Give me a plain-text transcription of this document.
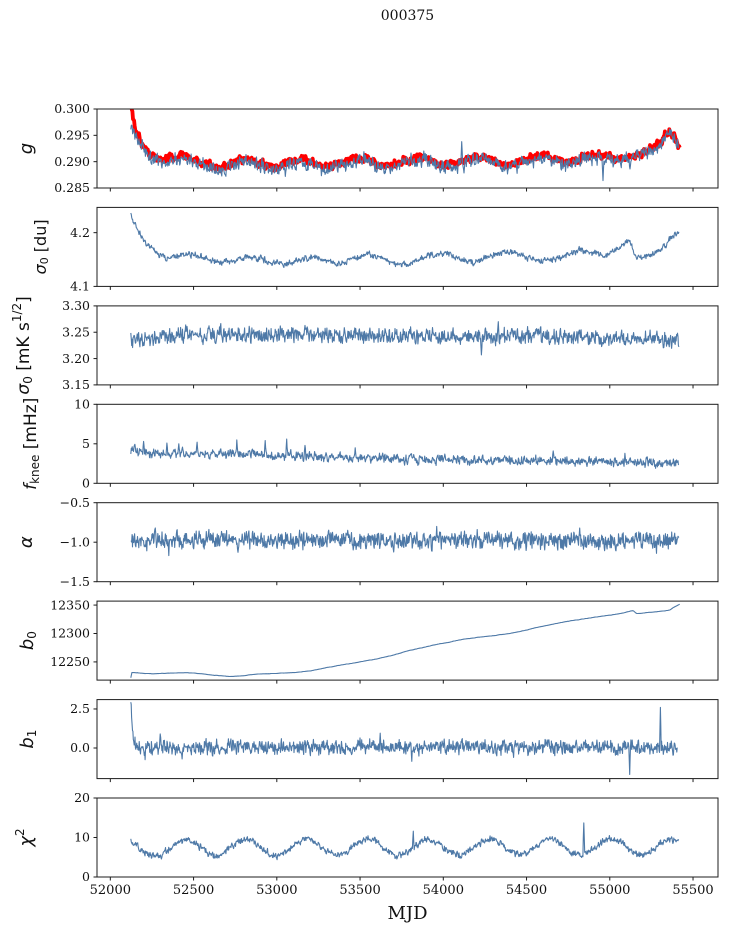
000375
0.285
0.290
0.295
0.300
g
4.1
4.2
$\sigma_0$ [du]
3.15
3.20
3.25
3.30
$\sigma_0$ [mK $s^{1/2}$]
0
5
10
$f_{knee}$ [mHz]
−0.5
−1.0
−1.5
α
12250
12300
12350
$b_0$
0.0
2.5
$b_1$
0
10
20
$\chi^2$
52000	52500	53000	53500	54000	54500	55000	55500
MJD
